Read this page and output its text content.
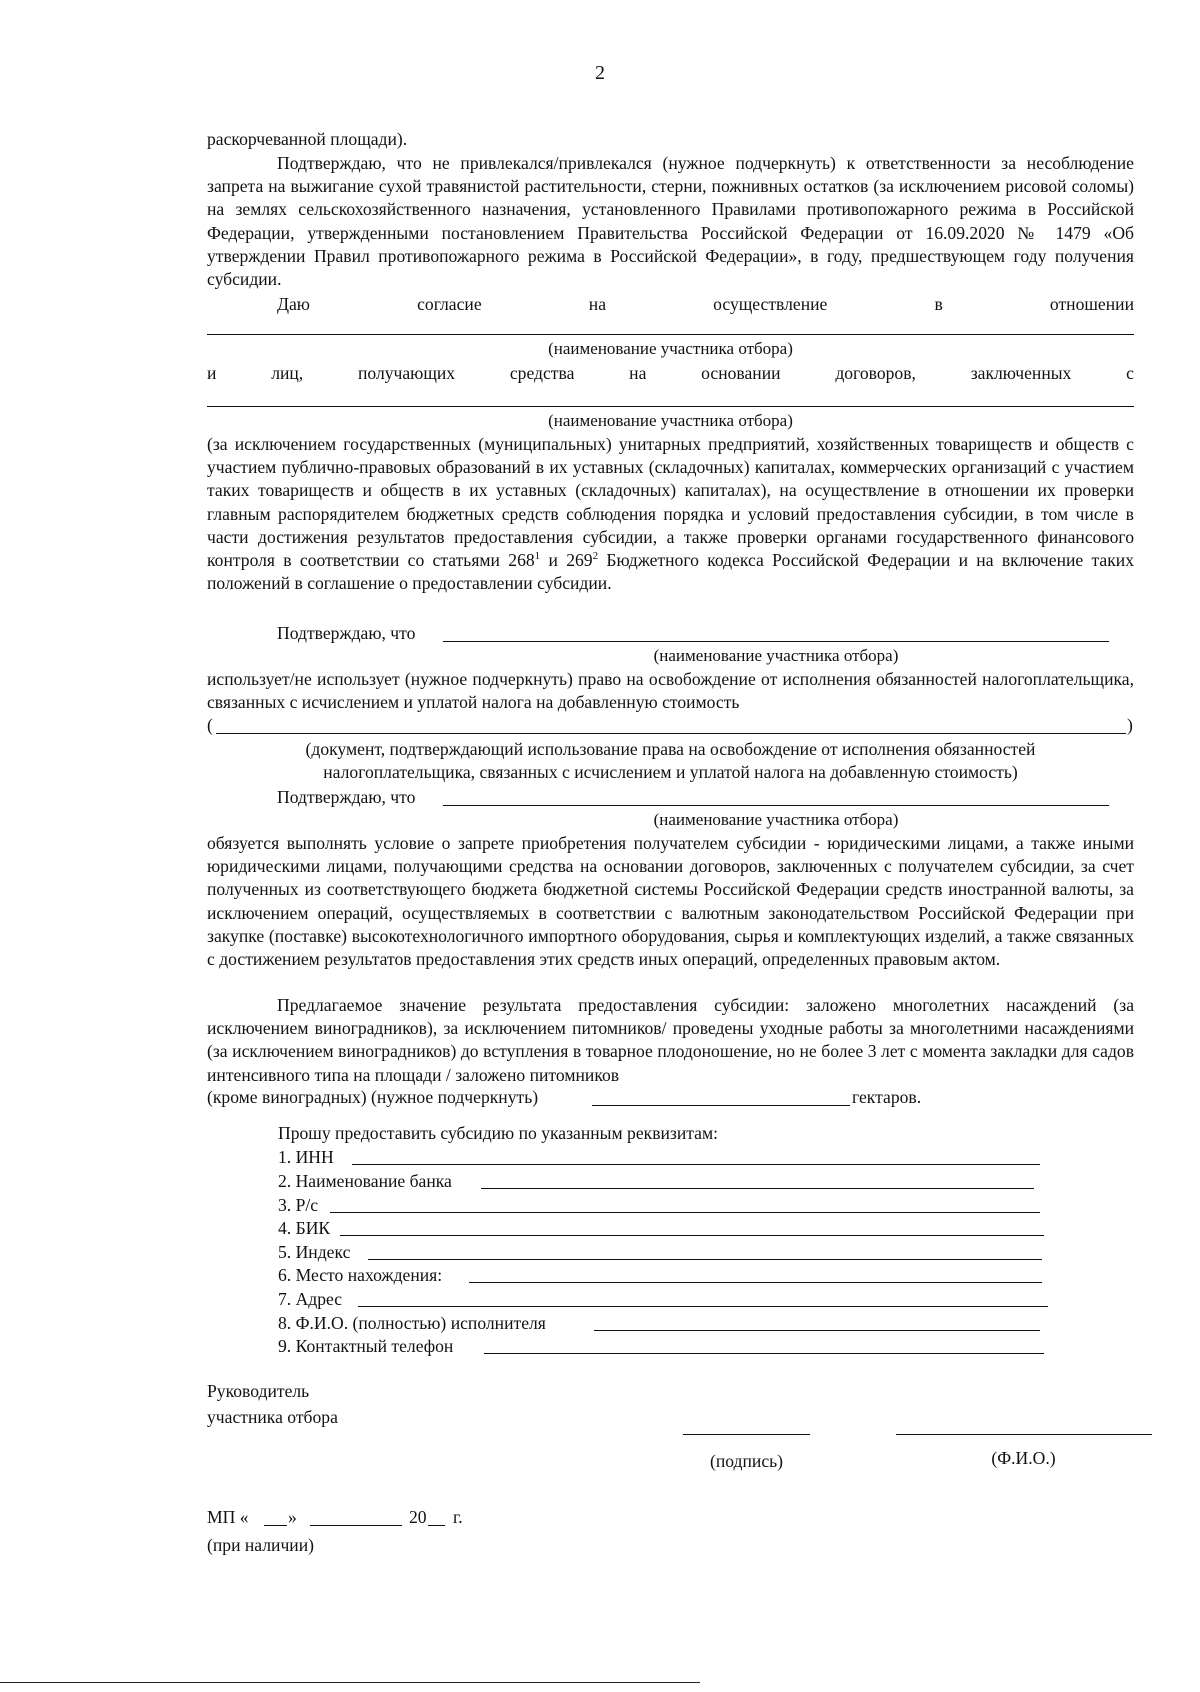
2
раскорчеванной площади).
Подтверждаю, что не привлекался/привлекался (нужное подчеркнуть) к ответственности за несоблюдение запрета на выжигание сухой травянистой растительности, стерни, пожнивных остатков (за исключением рисовой соломы) на землях сельскохозяйственного назначения, установленного Правилами противопожарного режима в Российской Федерации, утвержденными постановлением Правительства Российской Федерации от 16.09.2020 № 1479 «Об утверждении Правил противопожарного режима в Российской Федерации», в году, предшествующем году получения субсидии.
Даю	согласие	на	осуществление	в	отношении
(наименование участника отбора)
и	лиц,	получающих	средства	на	основании	договоров,	заключенных	с
(наименование участника отбора)
(за исключением государственных (муниципальных) унитарных предприятий, хозяйственных товариществ и обществ с участием публично-правовых образований в их уставных (складочных) капиталах, коммерческих организаций с участием таких товариществ и обществ в их уставных (складочных) капиталах), на осуществление в отношении их проверки главным распорядителем бюджетных средств соблюдения порядка и условий предоставления субсидии, в том числе в части достижения результатов предоставления субсидии, а также проверки органами государственного финансового контроля в соответствии со статьями $268^1$ и $269^2$ Бюджетного кодекса Российской Федерации и на включение таких положений в соглашение о предоставлении субсидии.
Подтверждаю, что
(наименование участника отбора)
использует/не использует (нужное подчеркнуть) право на освобождение от исполнения обязанностей налогоплательщика, связанных с исчислением и уплатой налога на добавленную стоимость
(	)
(документ, подтверждающий использование права на освобождение от исполнения обязанностей
налогоплательщика, связанных с исчислением и уплатой налога на добавленную стоимость)
Подтверждаю, что
(наименование участника отбора)
обязуется выполнять условие о запрете приобретения получателем субсидии - юридическими лицами, а также иными юридическими лицами, получающими средства на основании договоров, заключенных с получателем субсидии, за счет полученных из соответствующего бюджета бюджетной системы Российской Федерации средств иностранной валюты, за исключением операций, осуществляемых в соответствии с валютным законодательством Российской Федерации при закупке (поставке) высокотехнологичного импортного оборудования, сырья и комплектующих изделий, а также связанных с достижением результатов предоставления этих средств иных операций, определенных правовым актом.
Предлагаемое значение результата предоставления субсидии: заложено многолетних насаждений (за исключением виноградников), за исключением питомников/ проведены уходные работы за многолетними насаждениями (за исключением виноградников) до вступления в товарное плодоношение, но не более 3 лет с момента закладки для садов интенсивного типа на площади / заложено питомников
(кроме виноградных) (нужное подчеркнуть)	гектаров.
Прошу предоставить субсидию по указанным реквизитам:
1. ИНН
2. Наименование банка
3. Р/с
4. БИК
5. Индекс
6. Место нахождения:
7. Адрес
8. Ф.И.О. (полностью) исполнителя
9. Контактный телефон
Руководитель
участника отбора
(подпись)	(Ф.И.О.)
МП « »	20 г.
(при наличии)
